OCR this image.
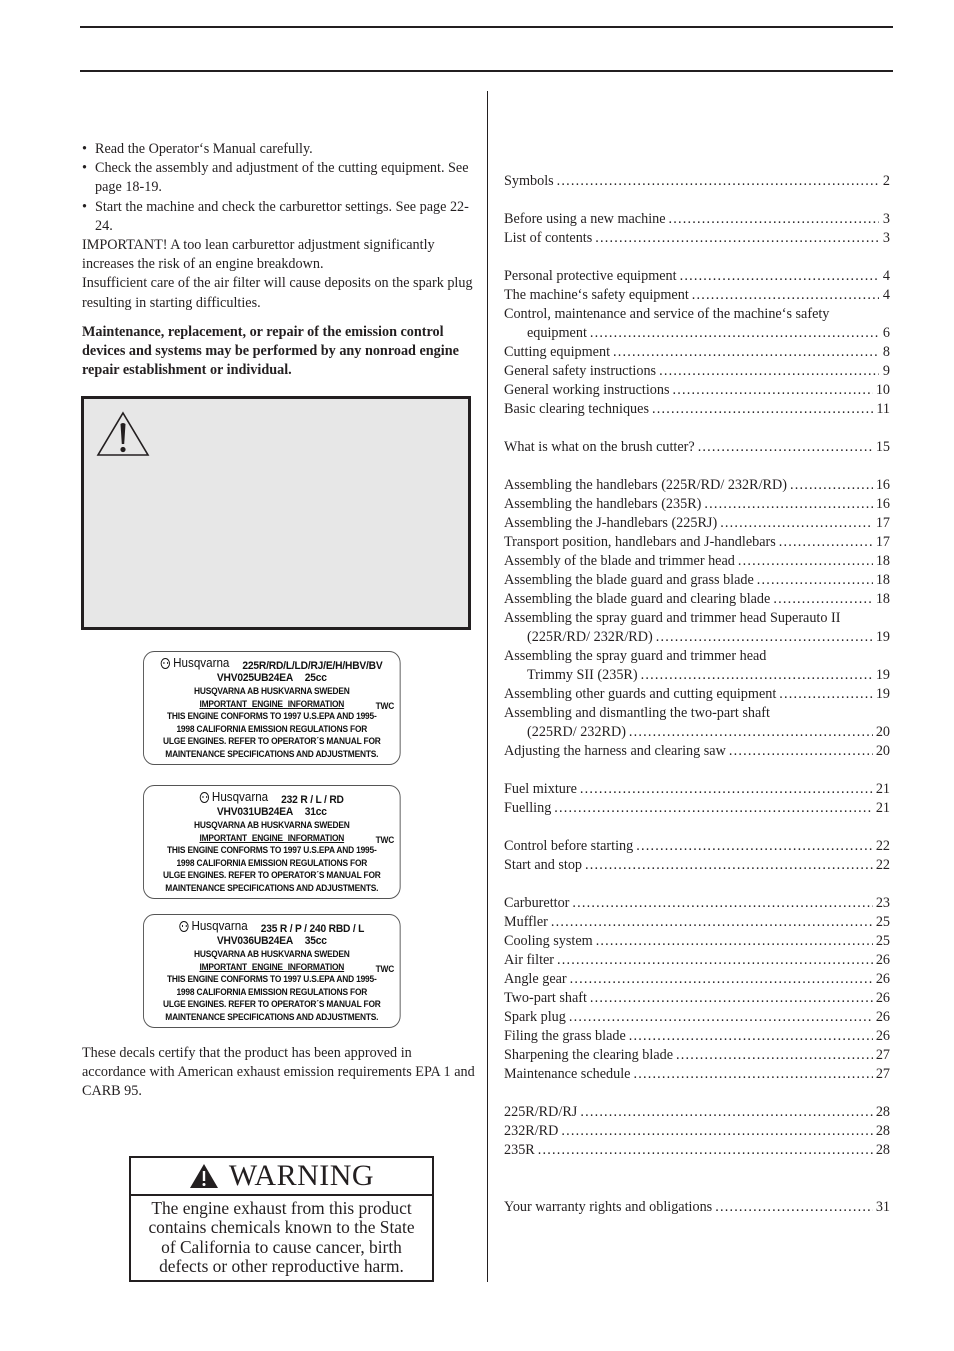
• Read the Operator‘s Manual carefully.
• Check the assembly and adjustment of the cutting equipment. See page 18-19.
• Start the machine and check the carburettor settings. See page 22-24.

IMPORTANT! A too lean carburettor adjustment significantly increases the risk of an engine breakdown.

Insufficient care of the air filter will cause deposits on the spark plug resulting in starting difficulties.

Maintenance, replacement, or repair of the emission control devices and systems may be performed by any nonroad engine repair establishment or individual.

Husqvarna 225R/RD/L/LD/RJ/E/H/HBV/BV
VHV025UB24EA 25cc
HUSQVARNA AB HUSKVARNA SWEDEN
IMPORTANT ENGINE INFORMATION	TWC
THIS ENGINE CONFORMS TO 1997 U.S.EPA AND 1995-
1998 CALIFORNIA EMISSION REGULATIONS FOR
ULGE ENGINES. REFER TO OPERATOR´S MANUAL FOR
MAINTENANCE SPECIFICATIONS AND ADJUSTMENTS.
Husqvarna 232 R / L / RD
VHV031UB24EA 31cc
HUSQVARNA AB HUSKVARNA SWEDEN
IMPORTANT ENGINE INFORMATION	TWC
THIS ENGINE CONFORMS TO 1997 U.S.EPA AND 1995-
1998 CALIFORNIA EMISSION REGULATIONS FOR
ULGE ENGINES. REFER TO OPERATOR´S MANUAL FOR
MAINTENANCE SPECIFICATIONS AND ADJUSTMENTS.
Husqvarna 235 R / P / 240 RBD / L
VHV036UB24EA 35cc
HUSQVARNA AB HUSKVARNA SWEDEN
IMPORTANT ENGINE INFORMATION	TWC
THIS ENGINE CONFORMS TO 1997 U.S.EPA AND 1995-
1998 CALIFORNIA EMISSION REGULATIONS FOR
ULGE ENGINES. REFER TO OPERATOR´S MANUAL FOR
MAINTENANCE SPECIFICATIONS AND ADJUSTMENTS.

These decals certify that the product has been approved in accordance with American exhaust emission requirements EPA 1 and CARB 95.

WARNING
The engine exhaust from this product
contains chemicals known to the State
of California to cause cancer, birth
defects or other reproductive harm.
Symbols .....	2
Before using a new machine .....	3
List of contents .....	3
Personal protective equipment .....	4
The machine‘s safety equipment .....	4
Control, maintenance and service of the machine‘s safety
equipment .....	6
Cutting equipment .....	8
General safety instructions .....	9
General working instructions .....	10
Basic clearing techniques .....	11
What is what on the brush cutter? .....	15
Assembling the handlebars (225R/RD/ 232R/RD) .....	16
Assembling the handlebars (235R) .....	16
Assembling the J-handlebars (225RJ) .....	17
Transport position, handlebars and J-handlebars .....	17
Assembly of the blade and trimmer head .....	18
Assembling the blade guard and grass blade .....	18
Assembling the blade guard and clearing blade .....	18
Assembling the spray guard and trimmer head Superauto II
(225R/RD/ 232R/RD) .....	19
Assembling the spray guard and trimmer head
Trimmy SII (235R) .....	19
Assembling other guards and cutting equipment .....	19
Assembling and dismantling the two-part shaft
(225RD/ 232RD) .....	20
Adjusting the harness and clearing saw .....	20
Fuel mixture .....	21
Fuelling .....	21
Control before starting .....	22
Start and stop .....	22
Carburettor .....	23
Muffler .....	25
Cooling system .....	25
Air filter .....	26
Angle gear .....	26
Two-part shaft .....	26
Spark plug .....	26
Filing the grass blade .....	26
Sharpening the clearing blade .....	27
Maintenance schedule .....	27
225R/RD/RJ .....	28
232R/RD .....	28
235R .....	28
Your warranty rights and obligations .....	31
